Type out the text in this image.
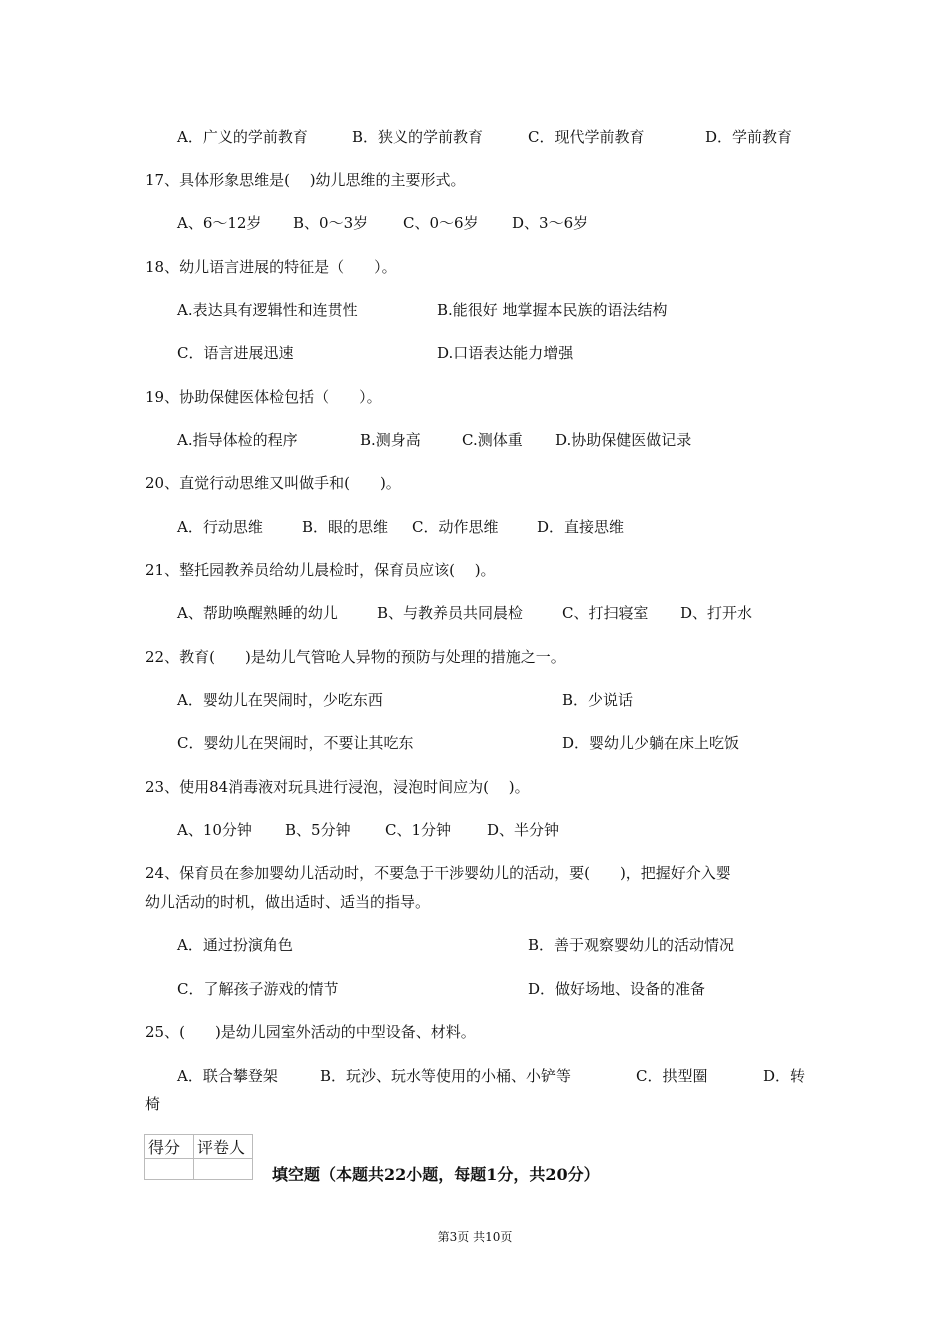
A．广义的学前教育	B．狭义的学前教育	C．现代学前教育	D．学前教育
17、具体形象思维是(　 )幼儿思维的主要形式。
A、6～12岁 B、0～3岁 C、0～6岁 D、3～6岁
18、幼儿语言进展的特征是（　　）。
A.表达具有逻辑性和连贯性	B.能很好 地掌握本民族的语法结构
C．语言进展迅速	D.口语表达能力增强
19、协助保健医体检包括（　　）。
A.指导体检的程序	B.测身高	C.测体重 D.协助保健医做记录
20、直觉行动思维又叫做手和(　　)。
A．行动思维	B．眼的思维 C．动作思维	D．直接思维
21、整托园教养员给幼儿晨检时，保育员应该(　 )。
A、帮助唤醒熟睡的幼儿	B、与教养员共同晨检	C、打扫寝室 D、打开水
22、教育(　　)是幼儿气管呛人异物的预防与处理的措施之一。
A．婴幼儿在哭闹时，少吃东西	B．少说话
C．婴幼儿在哭闹时，不要让其吃东	D．婴幼儿少躺在床上吃饭
23、使用84消毒液对玩具进行浸泡，浸泡时间应为(　 )。
A、10分钟 B、5分钟 C、1分钟 D、半分钟
24、保育员在参加婴幼儿活动时，不要急于干涉婴幼儿的活动，要(　　)，把握好介入婴
幼儿活动的时机，做出适时、适当的指导。
A．通过扮演角色	B．善于观察婴幼儿的活动情况
C．了解孩子游戏的情节	D．做好场地、设备的准备
25、(　　)是幼儿园室外活动的中型设备、材料。
A．联合攀登架	B．玩沙、玩水等使用的小桶、小铲等	C．拱型圈	D．转
椅
得分	评卷人

填空题（本题共22小题，每题1分，共20分）
第3页 共10页
